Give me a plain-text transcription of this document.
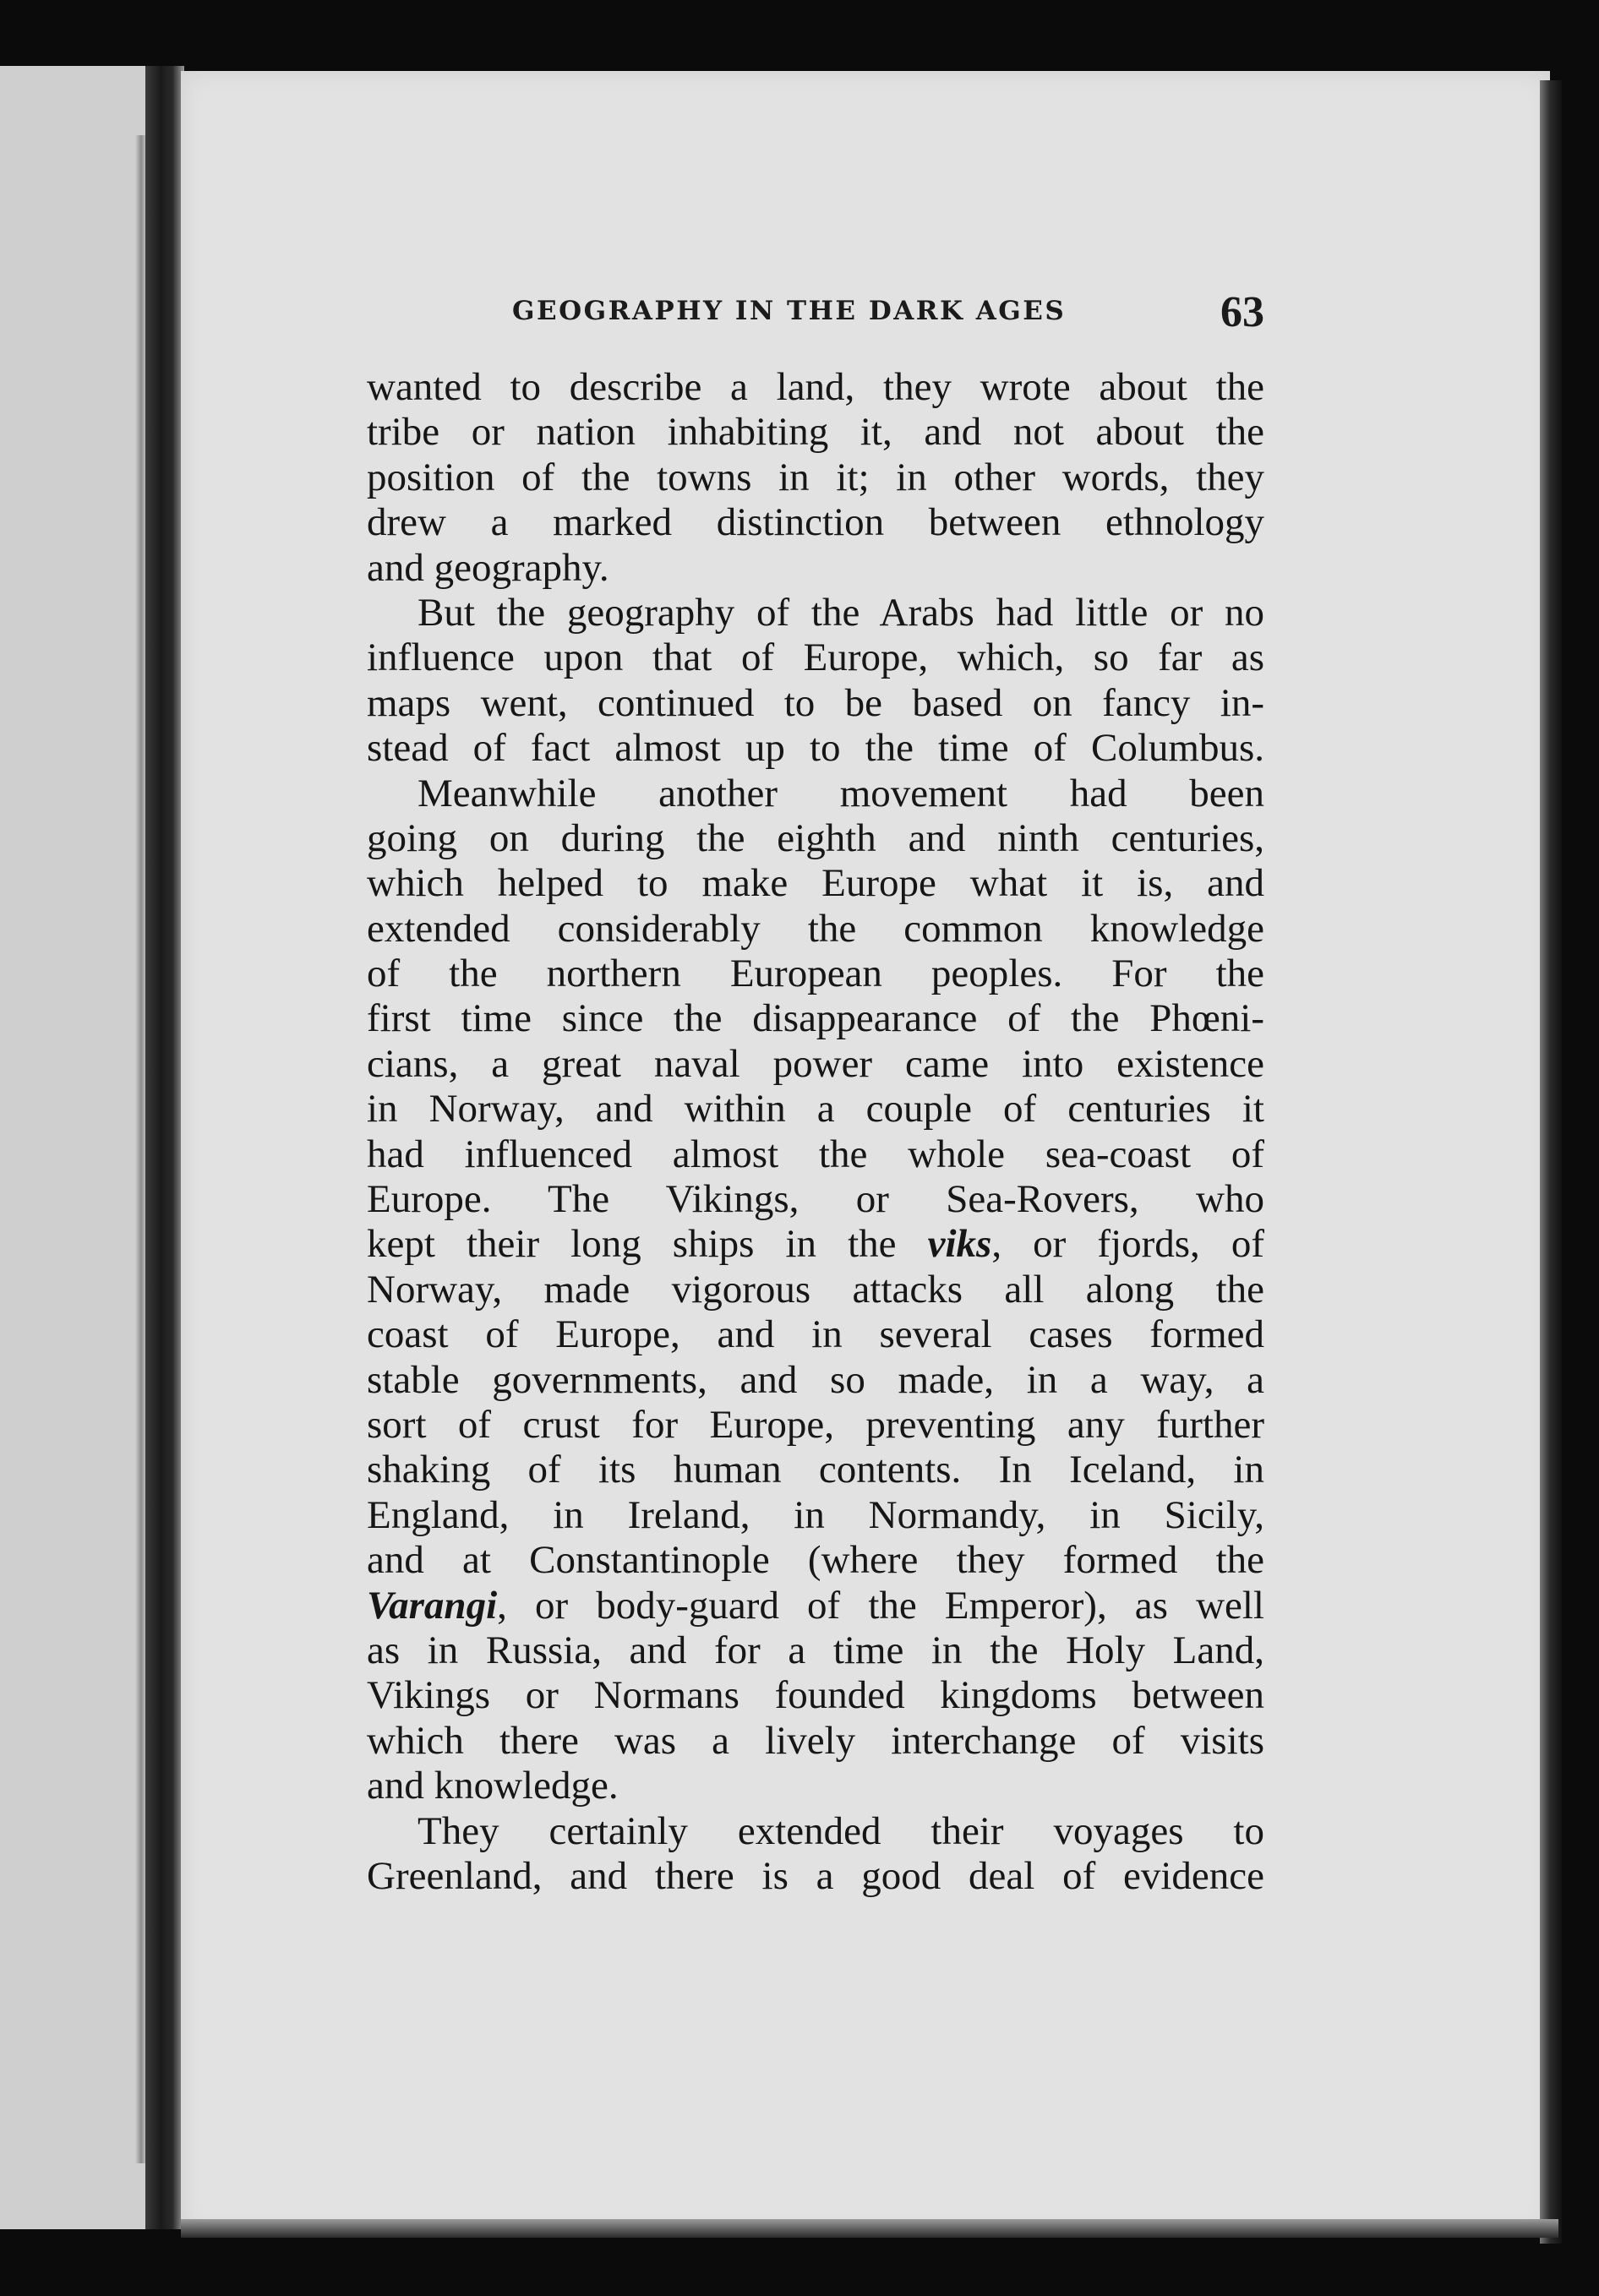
GEOGRAPHY IN THE DARK AGES	63
wanted to describe a land, they wrote about the
tribe or nation inhabiting it, and not about the
position of the towns in it; in other words, they
drew a marked distinction between ethnology
and geography.
But the geography of the Arabs had little or no
influence upon that of Europe, which, so far as
maps went, continued to be based on fancy in-
stead of fact almost up to the time of Columbus.
Meanwhile another movement had been
going on during the eighth and ninth centuries,
which helped to make Europe what it is, and
extended considerably the common knowledge
of the northern European peoples. For the
first time since the disappearance of the Phœni-
cians, a great naval power came into existence
in Norway, and within a couple of centuries it
had influenced almost the whole sea-coast of
Europe. The Vikings, or Sea-Rovers, who
kept their long ships in the viks, or fjords, of
Norway, made vigorous attacks all along the
coast of Europe, and in several cases formed
stable governments, and so made, in a way, a
sort of crust for Europe, preventing any further
shaking of its human contents. In Iceland, in
England, in Ireland, in Normandy, in Sicily,
and at Constantinople (where they formed the
Varangi, or body-guard of the Emperor), as well
as in Russia, and for a time in the Holy Land,
Vikings or Normans founded kingdoms between
which there was a lively interchange of visits
and knowledge.
They certainly extended their voyages to
Greenland, and there is a good deal of evidence
